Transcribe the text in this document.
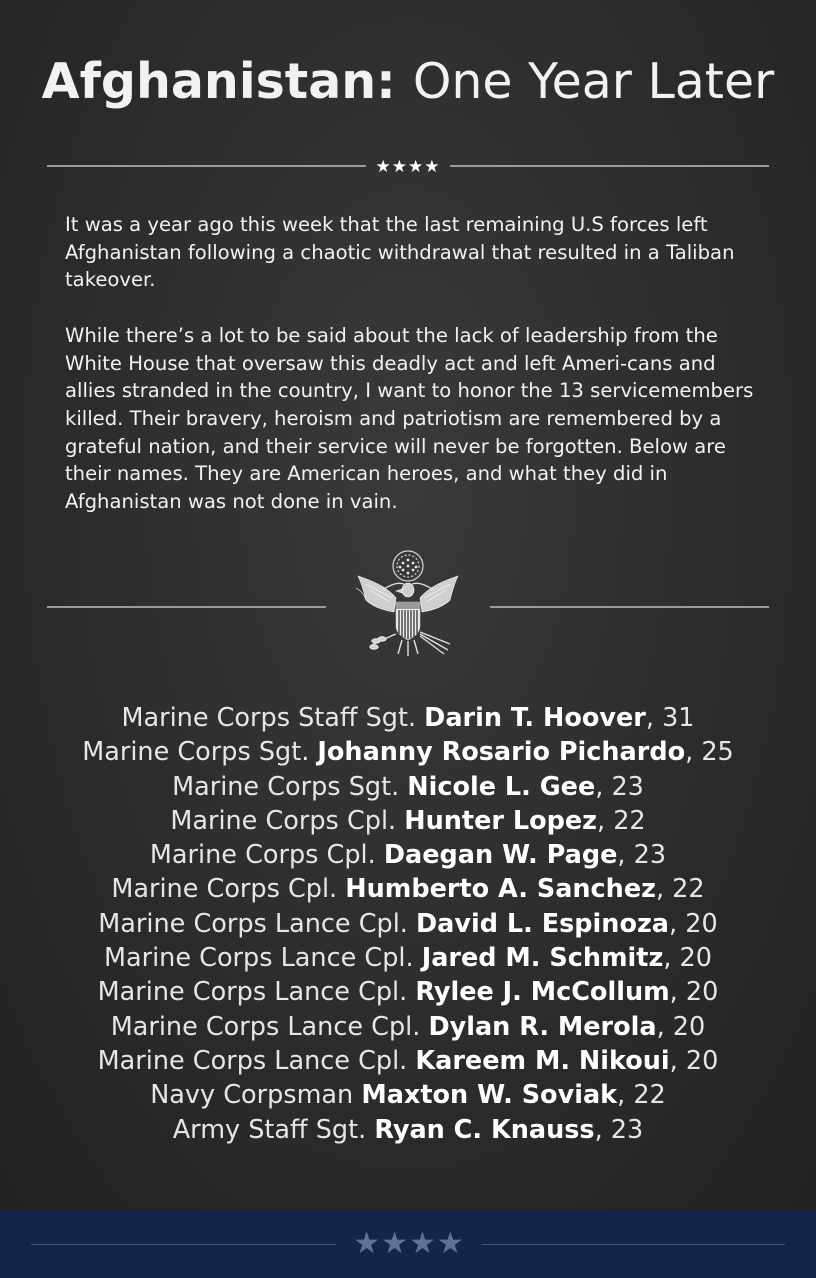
Afghanistan: One Year Later
★★★★

It was a year ago this week that the last remaining U.S forces left Afghanistan following a chaotic withdrawal that resulted in a Taliban takeover.

While there’s a lot to be said about the lack of leadership from the White House that oversaw this deadly act and left Ameri-cans and allies stranded in the country, I want to honor the 13 servicemembers killed. Their bravery, heroism and patriotism are remembered by a grateful nation, and their service will never be forgotten. Below are their names. They are American heroes, and what they did in Afghanistan was not done in vain.

Marine Corps Staff Sgt. Darin T. Hoover, 31
Marine Corps Sgt. Johanny Rosario Pichardo, 25
Marine Corps Sgt. Nicole L. Gee, 23
Marine Corps Cpl. Hunter Lopez, 22
Marine Corps Cpl. Daegan W. Page, 23
Marine Corps Cpl. Humberto A. Sanchez, 22
Marine Corps Lance Cpl. David L. Espinoza, 20
Marine Corps Lance Cpl. Jared M. Schmitz, 20
Marine Corps Lance Cpl. Rylee J. McCollum, 20
Marine Corps Lance Cpl. Dylan R. Merola, 20
Marine Corps Lance Cpl. Kareem M. Nikoui, 20
Navy Corpsman Maxton W. Soviak, 22
Army Staff Sgt. Ryan C. Knauss, 23
★★★★
